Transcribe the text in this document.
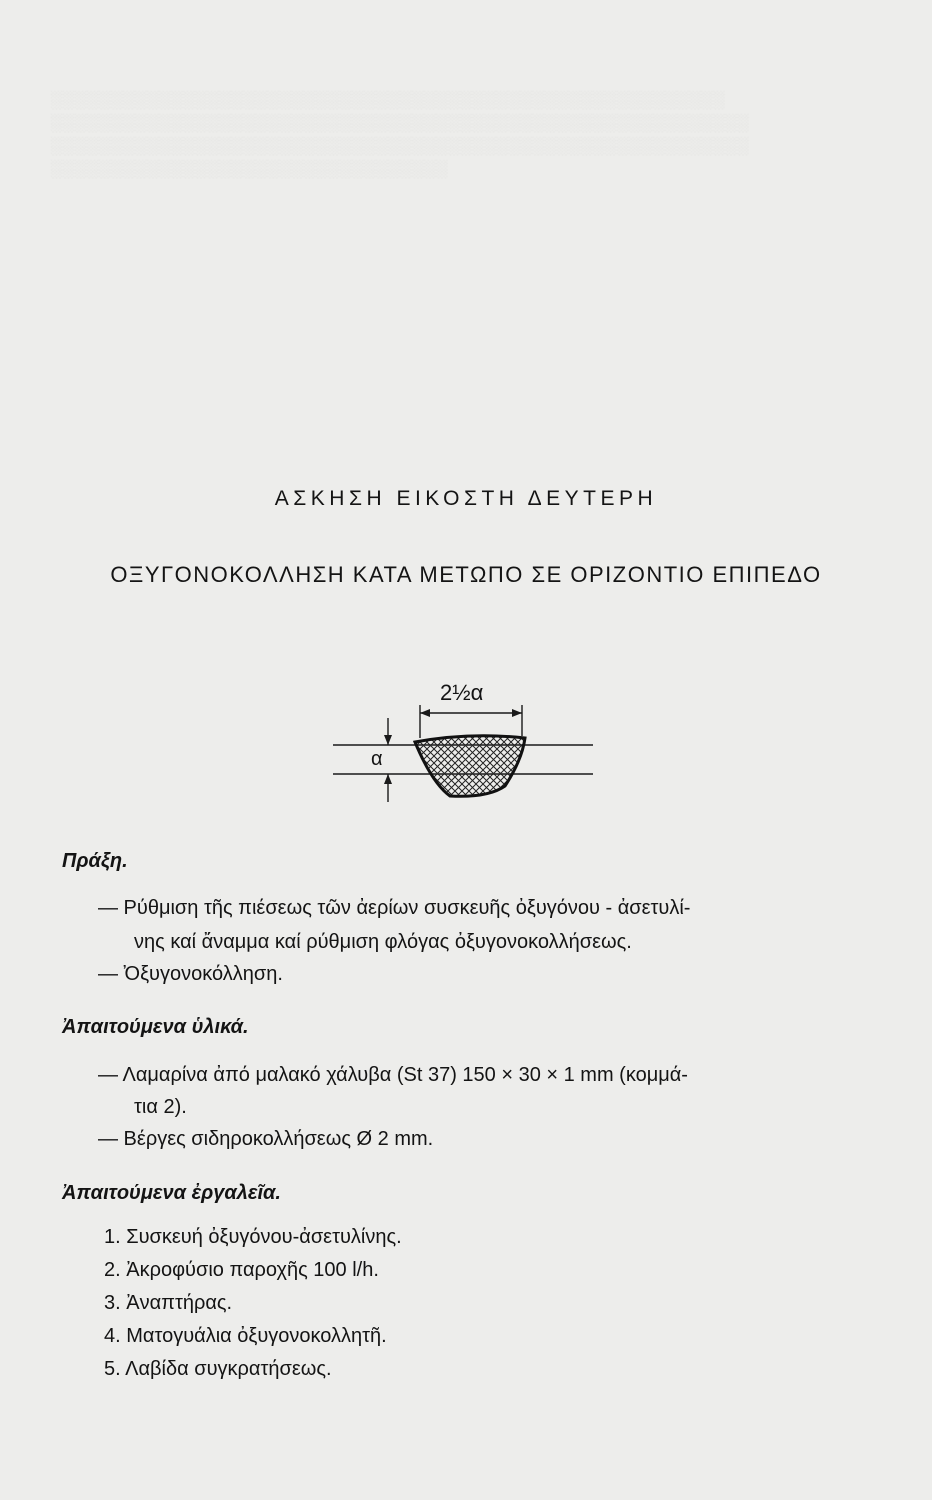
░░░░░░░░░░░░░░░░░░░░░░░░░░░░░░░░░░░░░░░░░░░░░░░░░░░░░░░░
░░░░░░░░░░░░░░░░░░░░░░░░░░░░░░░░░░░░░░░░░░░░░░░░░░░░░░░░░░
░░░░░░░░░░░░░░░░░░░░░░░░░░░░░░░░░░░░░░░░░░░░░░░░░░░░░░░░░░
░░░░░░░░░░░░░░░░░░░░░░░░░░░░░░░░░
ΑΣΚΗΣΗ ΕΙΚΟΣΤΗ ΔΕΥΤΕΡΗ
ΟΞΥΓΟΝΟΚΟΛΛΗΣΗ ΚΑΤΑ ΜΕΤΩΠΟ ΣΕ ΟΡΙΖΟΝΤΙΟ ΕΠΙΠΕΔΟ
2½α
α
Πράξη.
— Ρύθμιση τῆς πιέσεως τῶν ἀερίων συσκευῆς ὀξυγόνου - ἀσετυλί-
νης καί ἄναμμα καί ρύθμιση φλόγας ὀξυγονοκολλήσεως.
— Ὀξυγονοκόλληση.
Ἀπαιτούμενα ὑλικά.
— Λαμαρίνα ἀπό μαλακό χάλυβα (St 37) 150 × 30 × 1 mm (κομμά-
τια 2).
— Βέργες σιδηροκολλήσεως Ø 2 mm.
Ἀπαιτούμενα ἐργαλεῖα.
1. Συσκευή ὀξυγόνου-ἀσετυλίνης.
2. Ἀκροφύσιο παροχῆς 100 l/h.
3. Ἀναπτήρας.
4. Ματογυάλια ὀξυγονοκολλητῆ.
5. Λαβίδα συγκρατήσεως.
